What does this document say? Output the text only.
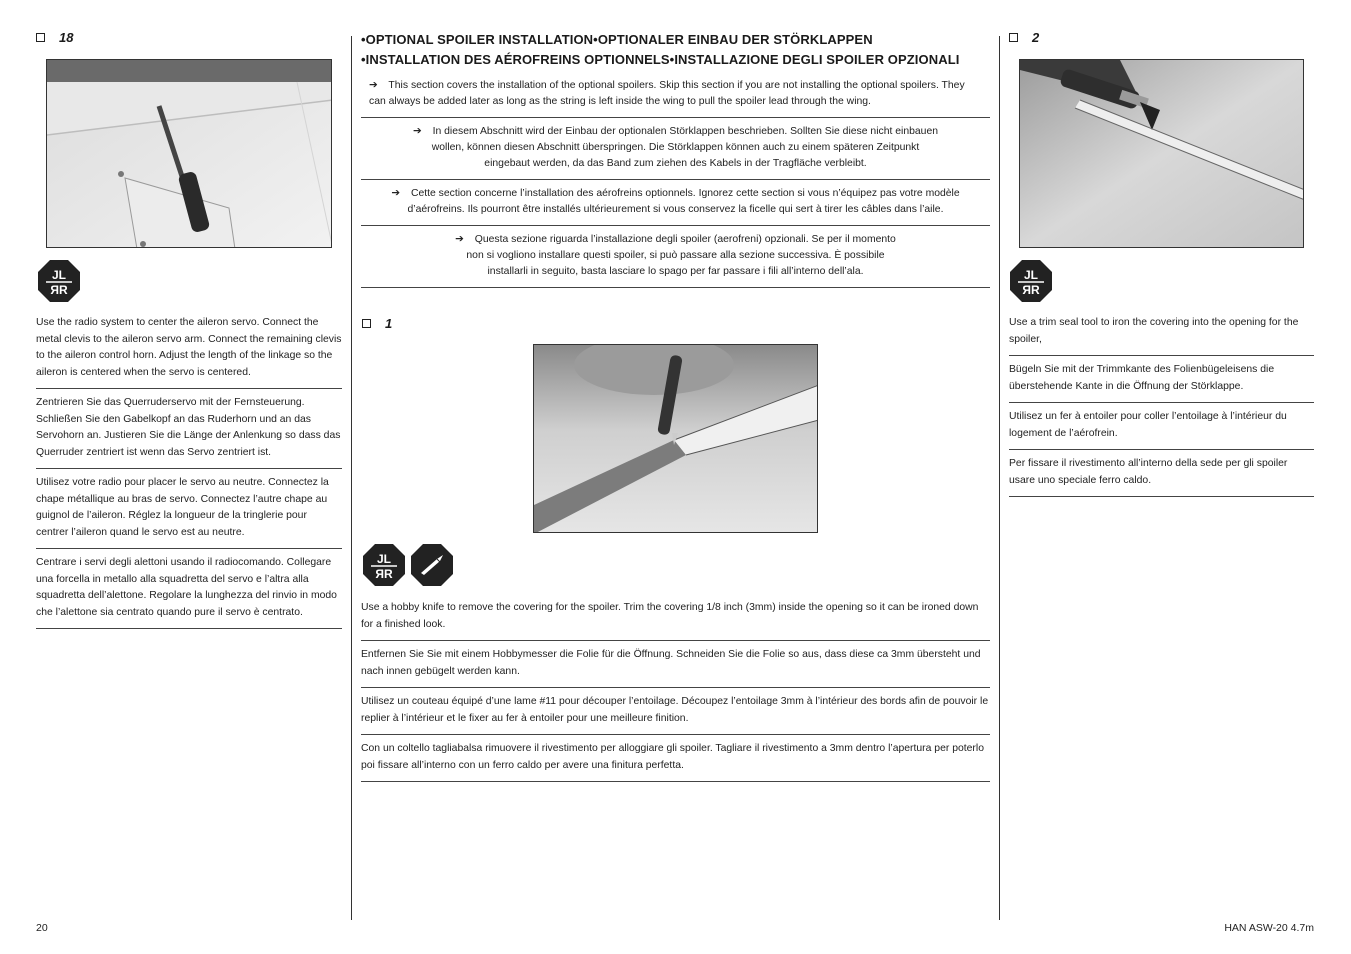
18
JL
ЯR
Use the radio system to center the aileron servo. Connect the metal clevis to the aileron servo arm. Connect the remaining clevis to the aileron control horn. Adjust the length of the linkage so the aileron is centered when the servo is centered.
Zentrieren Sie das Querruderservo mit der Fernsteuerung. Schließen Sie den Gabelkopf an das Ruderhorn und an das Servohorn an. Justieren Sie die Länge der Anlenkung so dass das Querruder zentriert ist wenn das Servo zentriert ist.
Utilisez votre radio pour placer le servo au neutre. Connectez la chape métallique au bras de servo. Connectez l’autre chape au guignol de l’aileron. Réglez la longueur de la tringlerie pour centrer l’aileron quand le servo est au neutre.
Centrare i servi degli alettoni usando il radiocomando. Collegare una forcella in metallo alla squadretta del servo e l’altra alla squadretta dell’alettone. Regolare la lunghezza del rinvio in modo che l’alettone sia centrato quando pure il servo è centrato.
•OPTIONAL SPOILER INSTALLATION•OPTIONALER EINBAU DER STÖRKLAPPEN
•INSTALLATION DES AÉROFREINS OPTIONNELS•INSTALLAZIONE DEGLI SPOILER OPZIONALI
➔ This section covers the installation of the optional spoilers. Skip this section if you are not installing the optional spoilers. They can always be added later as long as the string is left inside the wing to pull the spoiler lead through the wing.
➔ In diesem Abschnitt wird der Einbau der optionalen Störklappen beschrieben. Sollten Sie diese nicht einbauen wollen, können diesen Abschnitt überspringen. Die Störklappen können auch zu einem späteren Zeitpunkt eingebaut werden, da das Band zum ziehen des Kabels in der Tragfläche verbleibt.
➔ Cette section concerne l’installation des aérofreins optionnels. Ignorez cette section si vous n’équipez pas votre modèle d’aérofreins. Ils pourront être installés ultérieurement si vous conservez la ficelle qui sert à tirer les câbles dans l’aile.
➔ Questa sezione riguarda l’installazione degli spoiler (aerofreni) opzionali. Se per il momento non si vogliono installare questi spoiler, si può passare alla sezione successiva. È possibile installarli in seguito, basta lasciare lo spago per far passare i fili all’interno dell’ala.
1
JL
ЯR
Use a hobby knife to remove the covering for the spoiler. Trim the covering 1/8 inch (3mm) inside the opening so it can be ironed down for a finished look.
Entfernen Sie Sie mit einem Hobbymesser die Folie für die Öffnung. Schneiden Sie die Folie so aus, dass diese ca 3mm übersteht und nach innen gebügelt werden kann.
Utilisez un couteau équipé d’une lame #11 pour découper l’entoilage. Découpez l’entoilage 3mm à l’intérieur des bords afin de pouvoir le replier à l’intérieur et le fixer au fer à entoiler pour une meilleure finition.
Con un coltello tagliabalsa rimuovere il rivestimento per alloggiare gli spoiler. Tagliare il rivestimento a 3mm dentro l’apertura per poterlo poi fissare all’interno con un ferro caldo per avere una finitura perfetta.
2
JL
ЯR
Use a trim seal tool to iron the covering into the opening for the spoiler,
Bügeln Sie mit der Trimmkante des Folienbügeleisens die überstehende Kante in die Öffnung der Störklappe.
Utilisez un fer à entoiler pour coller l’entoilage à l’intérieur du logement de l’aérofrein.
Per fissare il rivestimento all’interno della sede per gli spoiler usare uno speciale ferro caldo.
20	HAN ASW-20 4.7m
